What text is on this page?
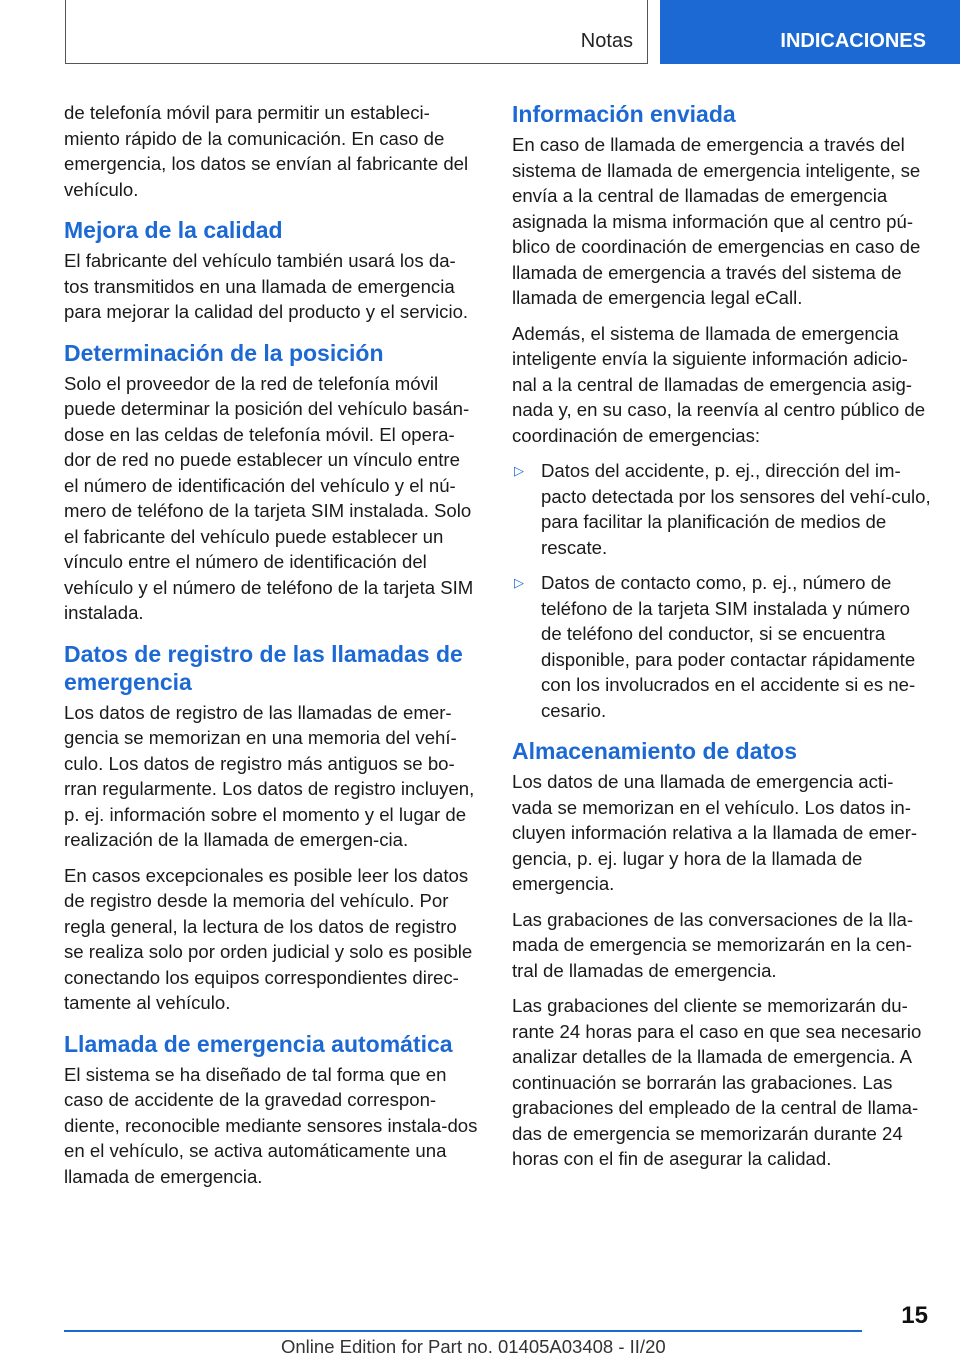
Notas	INDICACIONES

de telefonía móvil para permitir un estableci-miento rápido de la comunicación. En caso de emergencia, los datos se envían al fabricante del vehículo.

Mejora de la calidad

El fabricante del vehículo también usará los da-tos transmitidos en una llamada de emergencia para mejorar la calidad del producto y el servicio.

Determinación de la posición

Solo el proveedor de la red de telefonía móvil puede determinar la posición del vehículo basán-dose en las celdas de telefonía móvil. El opera-dor de red no puede establecer un vínculo entre el número de identificación del vehículo y el nú-mero de teléfono de la tarjeta SIM instalada. Solo el fabricante del vehículo puede establecer un vínculo entre el número de identificación del vehículo y el número de teléfono de la tarjeta SIM instalada.

Datos de registro de las llamadas de emergencia

Los datos de registro de las llamadas de emer-gencia se memorizan en una memoria del vehí-culo. Los datos de registro más antiguos se bo-rran regularmente. Los datos de registro incluyen, p. ej. información sobre el momento y el lugar de realización de la llamada de emergen-cia.

En casos excepcionales es posible leer los datos de registro desde la memoria del vehículo. Por regla general, la lectura de los datos de registro se realiza solo por orden judicial y solo es posible conectando los equipos correspondientes direc-tamente al vehículo.

Llamada de emergencia automática

El sistema se ha diseñado de tal forma que en caso de accidente de la gravedad correspon-diente, reconocible mediante sensores instala-dos en el vehículo, se activa automáticamente una llamada de emergencia.

Información enviada

En caso de llamada de emergencia a través del sistema de llamada de emergencia inteligente, se envía a la central de llamadas de emergencia asignada la misma información que al centro pú-blico de coordinación de emergencias en caso de llamada de emergencia a través del sistema de llamada de emergencia legal eCall.

Además, el sistema de llamada de emergencia inteligente envía la siguiente información adicio-nal a la central de llamadas de emergencia asig-nada y, en su caso, la reenvía al centro público de coordinación de emergencias:

▷ Datos del accidente, p. ej., dirección del im-pacto detectada por los sensores del vehí-culo, para facilitar la planificación de medios de rescate.
▷ Datos de contacto como, p. ej., número de teléfono de la tarjeta SIM instalada y número de teléfono del conductor, si se encuentra disponible, para poder contactar rápidamente con los involucrados en el accidente si es ne-cesario.
Almacenamiento de datos

Los datos de una llamada de emergencia acti-vada se memorizan en el vehículo. Los datos in-cluyen información relativa a la llamada de emer-gencia, p. ej. lugar y hora de la llamada de emergencia.

Las grabaciones de las conversaciones de la lla-mada de emergencia se memorizarán en la cen-tral de llamadas de emergencia.

Las grabaciones del cliente se memorizarán du-rante 24 horas para el caso en que sea necesario analizar detalles de la llamada de emergencia. A continuación se borrarán las grabaciones. Las grabaciones del empleado de la central de llama-das de emergencia se memorizarán durante 24 horas con el fin de asegurar la calidad.

15
Online Edition for Part no. 01405A03408 - II/20
